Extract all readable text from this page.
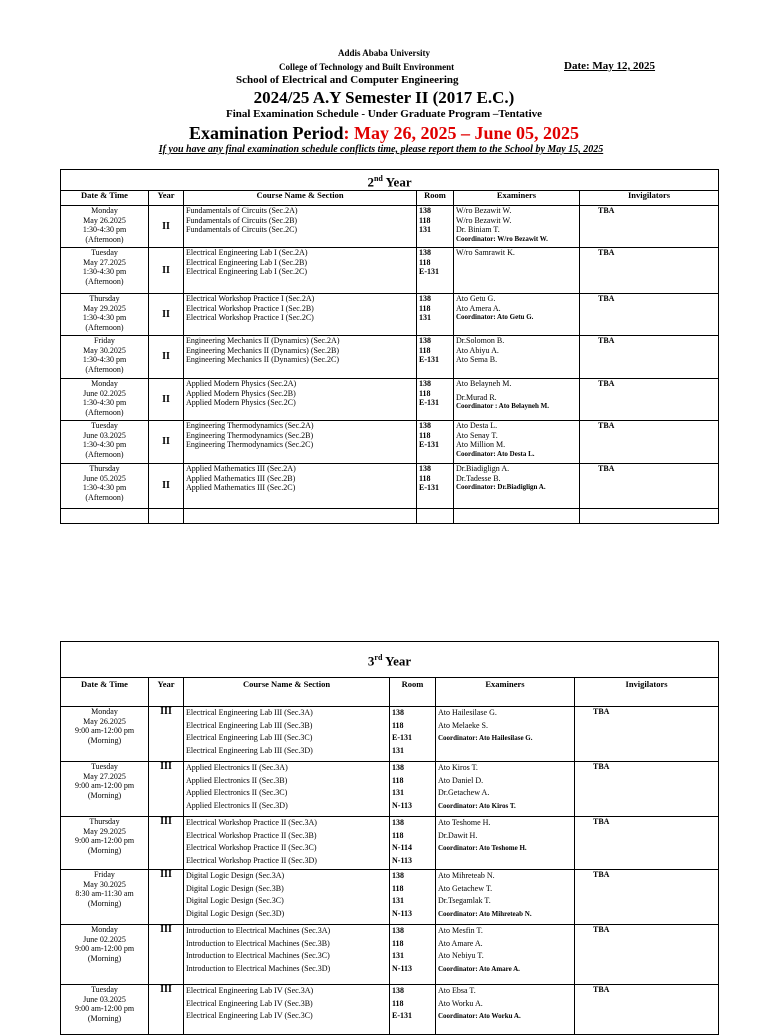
Addis Ababa University
College of Technology and Built Environment	Date: May 12, 2025
School of Electrical and Computer Engineering
2024/25 A.Y Semester II (2017 E.C.)
Final Examination Schedule - Under Graduate Program –Tentative
Examination Period: May 26, 2025 – June 05, 2025
If you have any final examination schedule conflicts time, please report them to the School by May 15, 2025
2nd Year					
Date & Time	Year	Course Name & Section	Room	Examiners	Invigilators

Monday
May 26.2025
1:30-4:30 pm
(Afternoon)	II	Fundamentals of Circuits (Sec.2A)
Fundamentals of Circuits (Sec.2B)
Fundamentals of Circuits (Sec.2C)	138
118
131	W/ro Bezawit W.
W/ro Bezawit W.
Dr. Biniam T.
Coordinator: W/ro Bezawit W.	TBA

Tuesday
May 27.2025
1:30-4:30 pm
(Afternoon)	II	Electrical Engineering Lab I (Sec.2A)
Electrical Engineering Lab I (Sec.2B)
Electrical Engineering Lab I (Sec.2C)	138
118
E-131	W/ro Samrawit K.	TBA

Thursday
May 29.2025
1:30-4:30 pm
(Afternoon)	II	Electrical Workshop Practice I (Sec.2A)
Electrical Workshop Practice I (Sec.2B)
Electrical Workshop Practice I (Sec.2C)	138
118
131	Ato Getu G.
Ato Amera A.
Coordinator: Ato Getu G.	TBA

Friday
May 30.2025
1:30-4:30 pm
(Afternoon)	II	Engineering Mechanics II (Dynamics) (Sec.2A)
Engineering Mechanics II (Dynamics) (Sec.2B)
Engineering Mechanics II (Dynamics) (Sec.2C)	138
118
E-131	Dr.Solomon B.
Ato Abiyu A.
Ato Sema B.	TBA

Monday
June 02.2025
1:30-4:30 pm
(Afternoon)	II	Applied Modern Physics (Sec.2A)
Applied Modern Physics (Sec.2B)
Applied Modern Physics (Sec.2C)	138
118
E-131	Ato Belayneh M.
Dr.Murad R.
Coordinator : Ato Belayneh M.	TBA

Tuesday
June 03.2025
1:30-4:30 pm
(Afternoon)	II	Engineering Thermodynamics (Sec.2A)
Engineering Thermodynamics (Sec.2B)
Engineering Thermodynamics (Sec.2C)	138
118
E-131	Ato Desta L.
Ato Senay T.
Ato Million M.
Coordinator: Ato Desta L.	TBA

Thursday
June 05.2025
1:30-4:30 pm
(Afternoon)	II	Applied Mathematics III (Sec.2A)
Applied Mathematics III (Sec.2B)
Applied Mathematics III (Sec.2C)	138
118
E-131	Dr.Biadiglign A.
Dr.Tadesse B.
Coordinator: Dr.Biadiglign A.	TBA

3rd Year					
Date & Time	Year	Course Name & Section	Room	Examiners	Invigilators

Monday
May 26.2025
9:00 am-12:00 pm
(Morning)	III	Electrical Engineering Lab III (Sec.3A)
Electrical Engineering Lab III (Sec.3B)
Electrical Engineering Lab III (Sec.3C)
Electrical Engineering Lab III (Sec.3D)	138
118
E-131
131	Ato Hailesilase G.
Ato Melaeke S.
Coordinator: Ato Hailesilase G.	TBA

Tuesday
May 27.2025
9:00 am-12:00 pm
(Morning)	III	Applied Electronics II (Sec.3A)
Applied Electronics II (Sec.3B)
Applied Electronics II (Sec.3C)
Applied Electronics II (Sec.3D)	138
118
131
N-113	Ato Kiros T.
Ato Daniel D.
Dr.Getachew A.
Coordinator: Ato Kiros T.	TBA

Thursday
May 29.2025
9:00 am-12:00 pm
(Morning)	III	Electrical Workshop Practice II (Sec.3A)
Electrical Workshop Practice II (Sec.3B)
Electrical Workshop Practice II (Sec.3C)
Electrical Workshop Practice II (Sec.3D)	138
118
N-114
N-113	Ato Teshome H.
Dr.Dawit H.
Coordinator: Ato Teshome H.	TBA

Friday
May 30.2025
8:30 am-11:30 am
(Morning)	III	Digital Logic Design (Sec.3A)
Digital Logic Design (Sec.3B)
Digital Logic Design (Sec.3C)
Digital Logic Design (Sec.3D)	138
118
131
N-113	Ato Mihreteab N.
Ato Getachew T.
Dr.Tsegamlak T.
Coordinator: Ato Mihreteab N.	TBA

Monday
June 02.2025
9:00 am-12:00 pm
(Morning)	III	Introduction to Electrical Machines (Sec.3A)
Introduction to Electrical Machines (Sec.3B)
Introduction to Electrical Machines (Sec.3C)
Introduction to Electrical Machines (Sec.3D)	138
118
131
N-113	Ato Mesfin T.
Ato Amare A.
Ato Nebiyu T.
Coordinator: Ato Amare A.	TBA

Tuesday
June 03.2025
9:00 am-12:00 pm
(Morning)	III	Electrical Engineering Lab IV (Sec.3A)
Electrical Engineering Lab IV (Sec.3B)
Electrical Engineering Lab IV (Sec.3C)	138
118
E-131	Ato Ebsa T.
Ato Worku A.
Coordinator: Ato Worku A.	TBA
